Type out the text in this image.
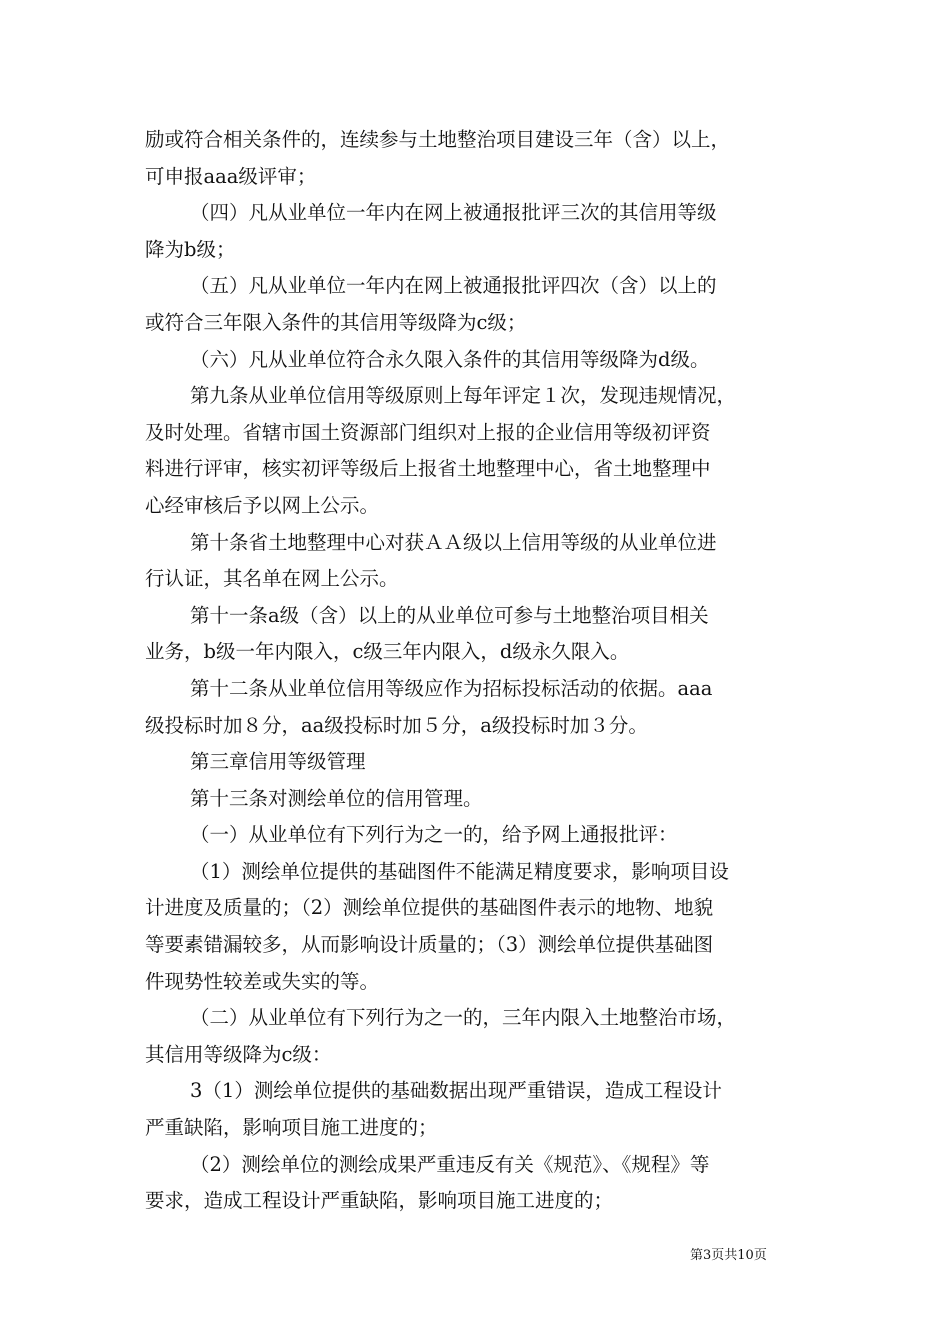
励或符合相关条件的，连续参与土地整治项目建设三年（含）以上，
可申报aaa级评审；
（四）凡从业单位一年内在网上被通报批评三次的其信用等级
降为b级；
（五）凡从业单位一年内在网上被通报批评四次（含）以上的
或符合三年限入条件的其信用等级降为c级；
（六）凡从业单位符合永久限入条件的其信用等级降为d级。
第九条从业单位信用等级原则上每年评定１次，发现违规情况，
及时处理。省辖市国土资源部门组织对上报的企业信用等级初评资
料进行评审，核实初评等级后上报省土地整理中心，省土地整理中
心经审核后予以网上公示。
第十条省土地整理中心对获ＡＡ级以上信用等级的从业单位进
行认证，其名单在网上公示。
第十一条a级（含）以上的从业单位可参与土地整治项目相关
业务，b级一年内限入，c级三年内限入，d级永久限入。
第十二条从业单位信用等级应作为招标投标活动的依据。aaa
级投标时加８分，aa级投标时加５分，a级投标时加３分。
第三章信用等级管理
第十三条对测绘单位的信用管理。
（一）从业单位有下列行为之一的，给予网上通报批评：
（1）测绘单位提供的基础图件不能满足精度要求，影响项目设
计进度及质量的；（2）测绘单位提供的基础图件表示的地物、地貌
等要素错漏较多，从而影响设计质量的；（3）测绘单位提供基础图
件现势性较差或失实的等。
（二）从业单位有下列行为之一的，三年内限入土地整治市场，
其信用等级降为c级：
3（1）测绘单位提供的基础数据出现严重错误，造成工程设计
严重缺陷，影响项目施工进度的；
（2）测绘单位的测绘成果严重违反有关《规范》、《规程》等
要求，造成工程设计严重缺陷，影响项目施工进度的；
第3页共10页
